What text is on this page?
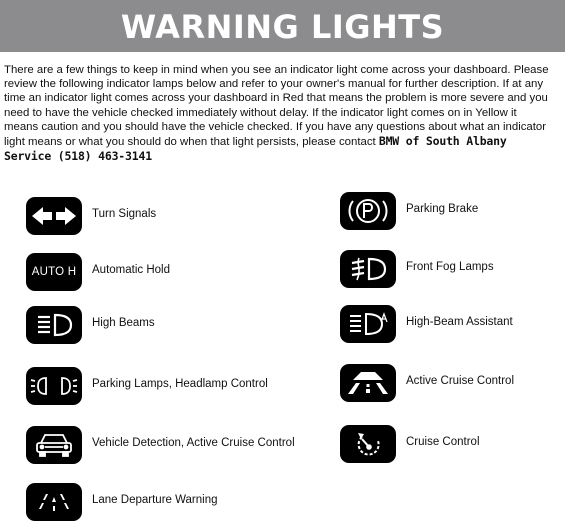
WARNING LIGHTS

There are a few things to keep in mind when you see an indicator light come across your dashboard. Please review the following indicator lamps below and refer to your owner's manual for further description. If at any time an indicator light comes across your dashboard in Red that means the problem is more severe and you need to have the vehicle checked immediately without delay. If the indicator light comes on in Yellow it means caution and you should have the vehicle checked. If you have any questions about what an indicator light means or what you should do when that light persists, please contact BMW of South Albany Service (518) 463-3141

Turn Signals
AUTO H Automatic Hold
High Beams
Parking Lamps, Headlamp Control
Vehicle Detection, Active Cruise Control
Lane Departure Warning
Parking Brake
Front Fog Lamps
High-Beam Assistant
Active Cruise Control
Cruise Control
